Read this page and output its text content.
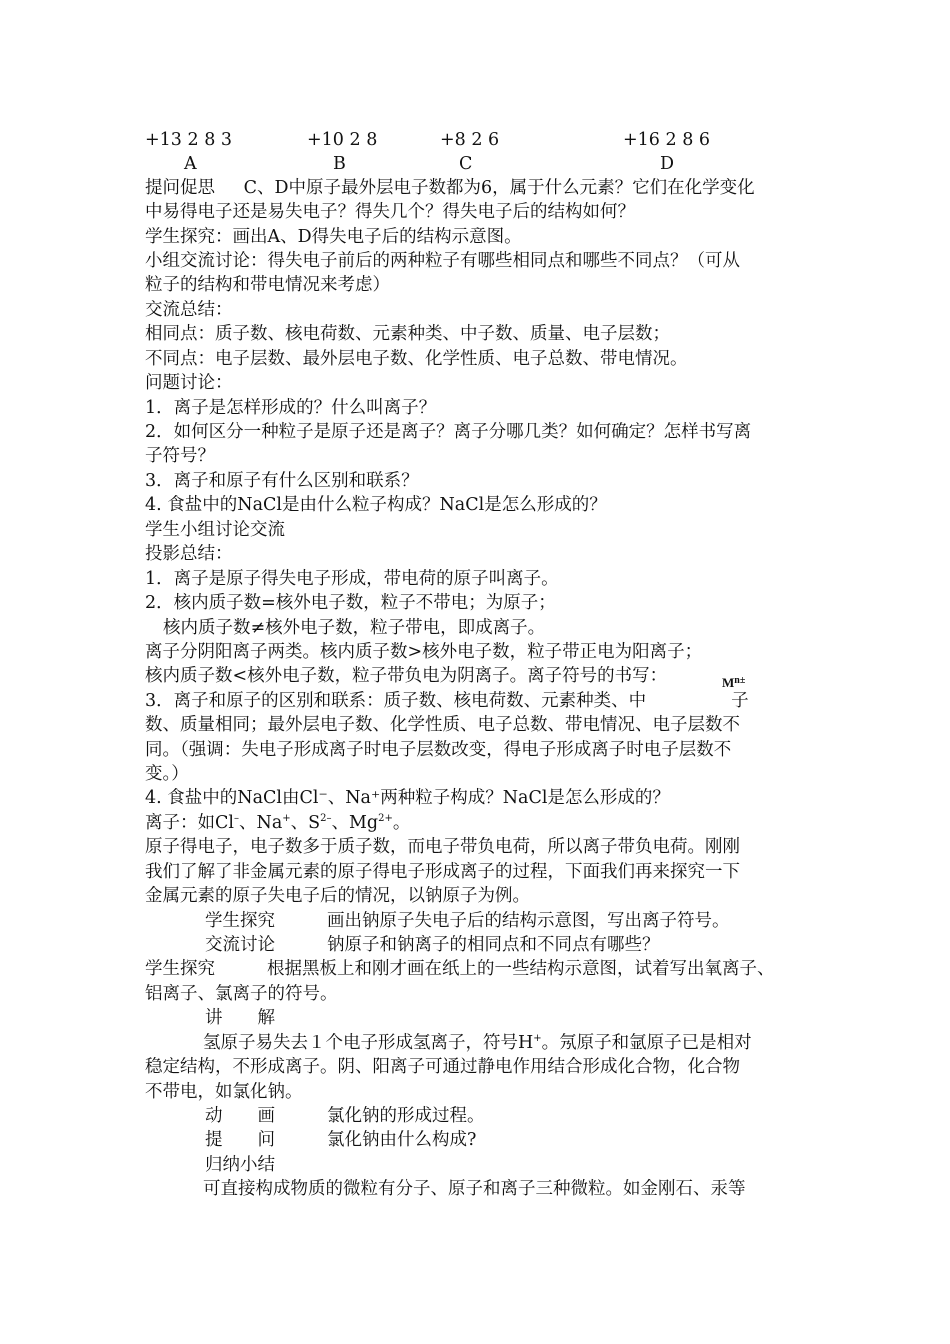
+13 2 8 3	+10 2 8	+8 2 6	+16 2 8 6
A	B	C	D
提问促思 　 C、D中原子最外层电子数都为6，属于什么元素？它们在化学变化
中易得电子还是易失电子？得失几个？得失电子后的结构如何？
学生探究：画出A、D得失电子后的结构示意图。
小组交流讨论：得失电子前后的两种粒子有哪些相同点和哪些不同点？（可从
粒子的结构和带电情况来考虑）
交流总结：
相同点：质子数、核电荷数、元素种类、中子数、质量、电子层数；
不同点：电子层数、最外层电子数、化学性质、电子总数、带电情况。
问题讨论：
1．离子是怎样形成的？什么叫离子？
2．如何区分一种粒子是原子还是离子？离子分哪几类？如何确定？怎样书写离
子符号？
3．离子和原子有什么区别和联系？
4. 食盐中的NaCl是由什么粒子构成？NaCl是怎么形成的？
学生小组讨论交流
投影总结：
1．离子是原子得失电子形成，带电荷的原子叫离子。
2．核内质子数=核外电子数，粒子不带电；为原子；
核内质子数≠核外电子数，粒子带电，即成离子。
离子分阴阳离子两类。核内质子数>核外电子数，粒子带正电为阳离子；
核内质子数<核外电子数，粒子带负电为阴离子。离子符号的书写：	$M^{n\pm}$
3．离子和原子的区别和联系：质子数、核电荷数、元素种类、中	子
数、质量相同；最外层电子数、化学性质、电子总数、带电情况、电子层数不
同。（强调：失电子形成离子时电子层数改变，得电子形成离子时电子层数不
变。）
4. 食盐中的NaCl由Cl⁻、Na⁺两种粒子构成？NaCl是怎么形成的？
离子：如Cl–、Na+、$S^{2-}$、$Mg^{2+}$。
原子得电子，电子数多于质子数，而电子带负电荷，所以离子带负电荷。刚刚
我们了解了非金属元素的原子得电子形成离子的过程，下面我们再来探究一下
金属元素的原子失电子后的情况，以钠原子为例。
学生探究	画出钠原子失电子后的结构示意图，写出离子符号。
交流讨论	钠原子和钠离子的相同点和不同点有哪些？
学生探究	根据黑板上和刚才画在纸上的一些结构示意图，试着写出氧离子、
铝离子、氯离子的符号。
讲　　解
氢原子易失去１个电子形成氢离子，符号H+。氖原子和氩原子已是相对
稳定结构，不形成离子。阴、阳离子可通过静电作用结合形成化合物，化合物
不带电，如氯化钠。
动　　画	氯化钠的形成过程。
提　　问	氯化钠由什么构成?
归纳小结
可直接构成物质的微粒有分子、原子和离子三种微粒。如金刚石、汞等
